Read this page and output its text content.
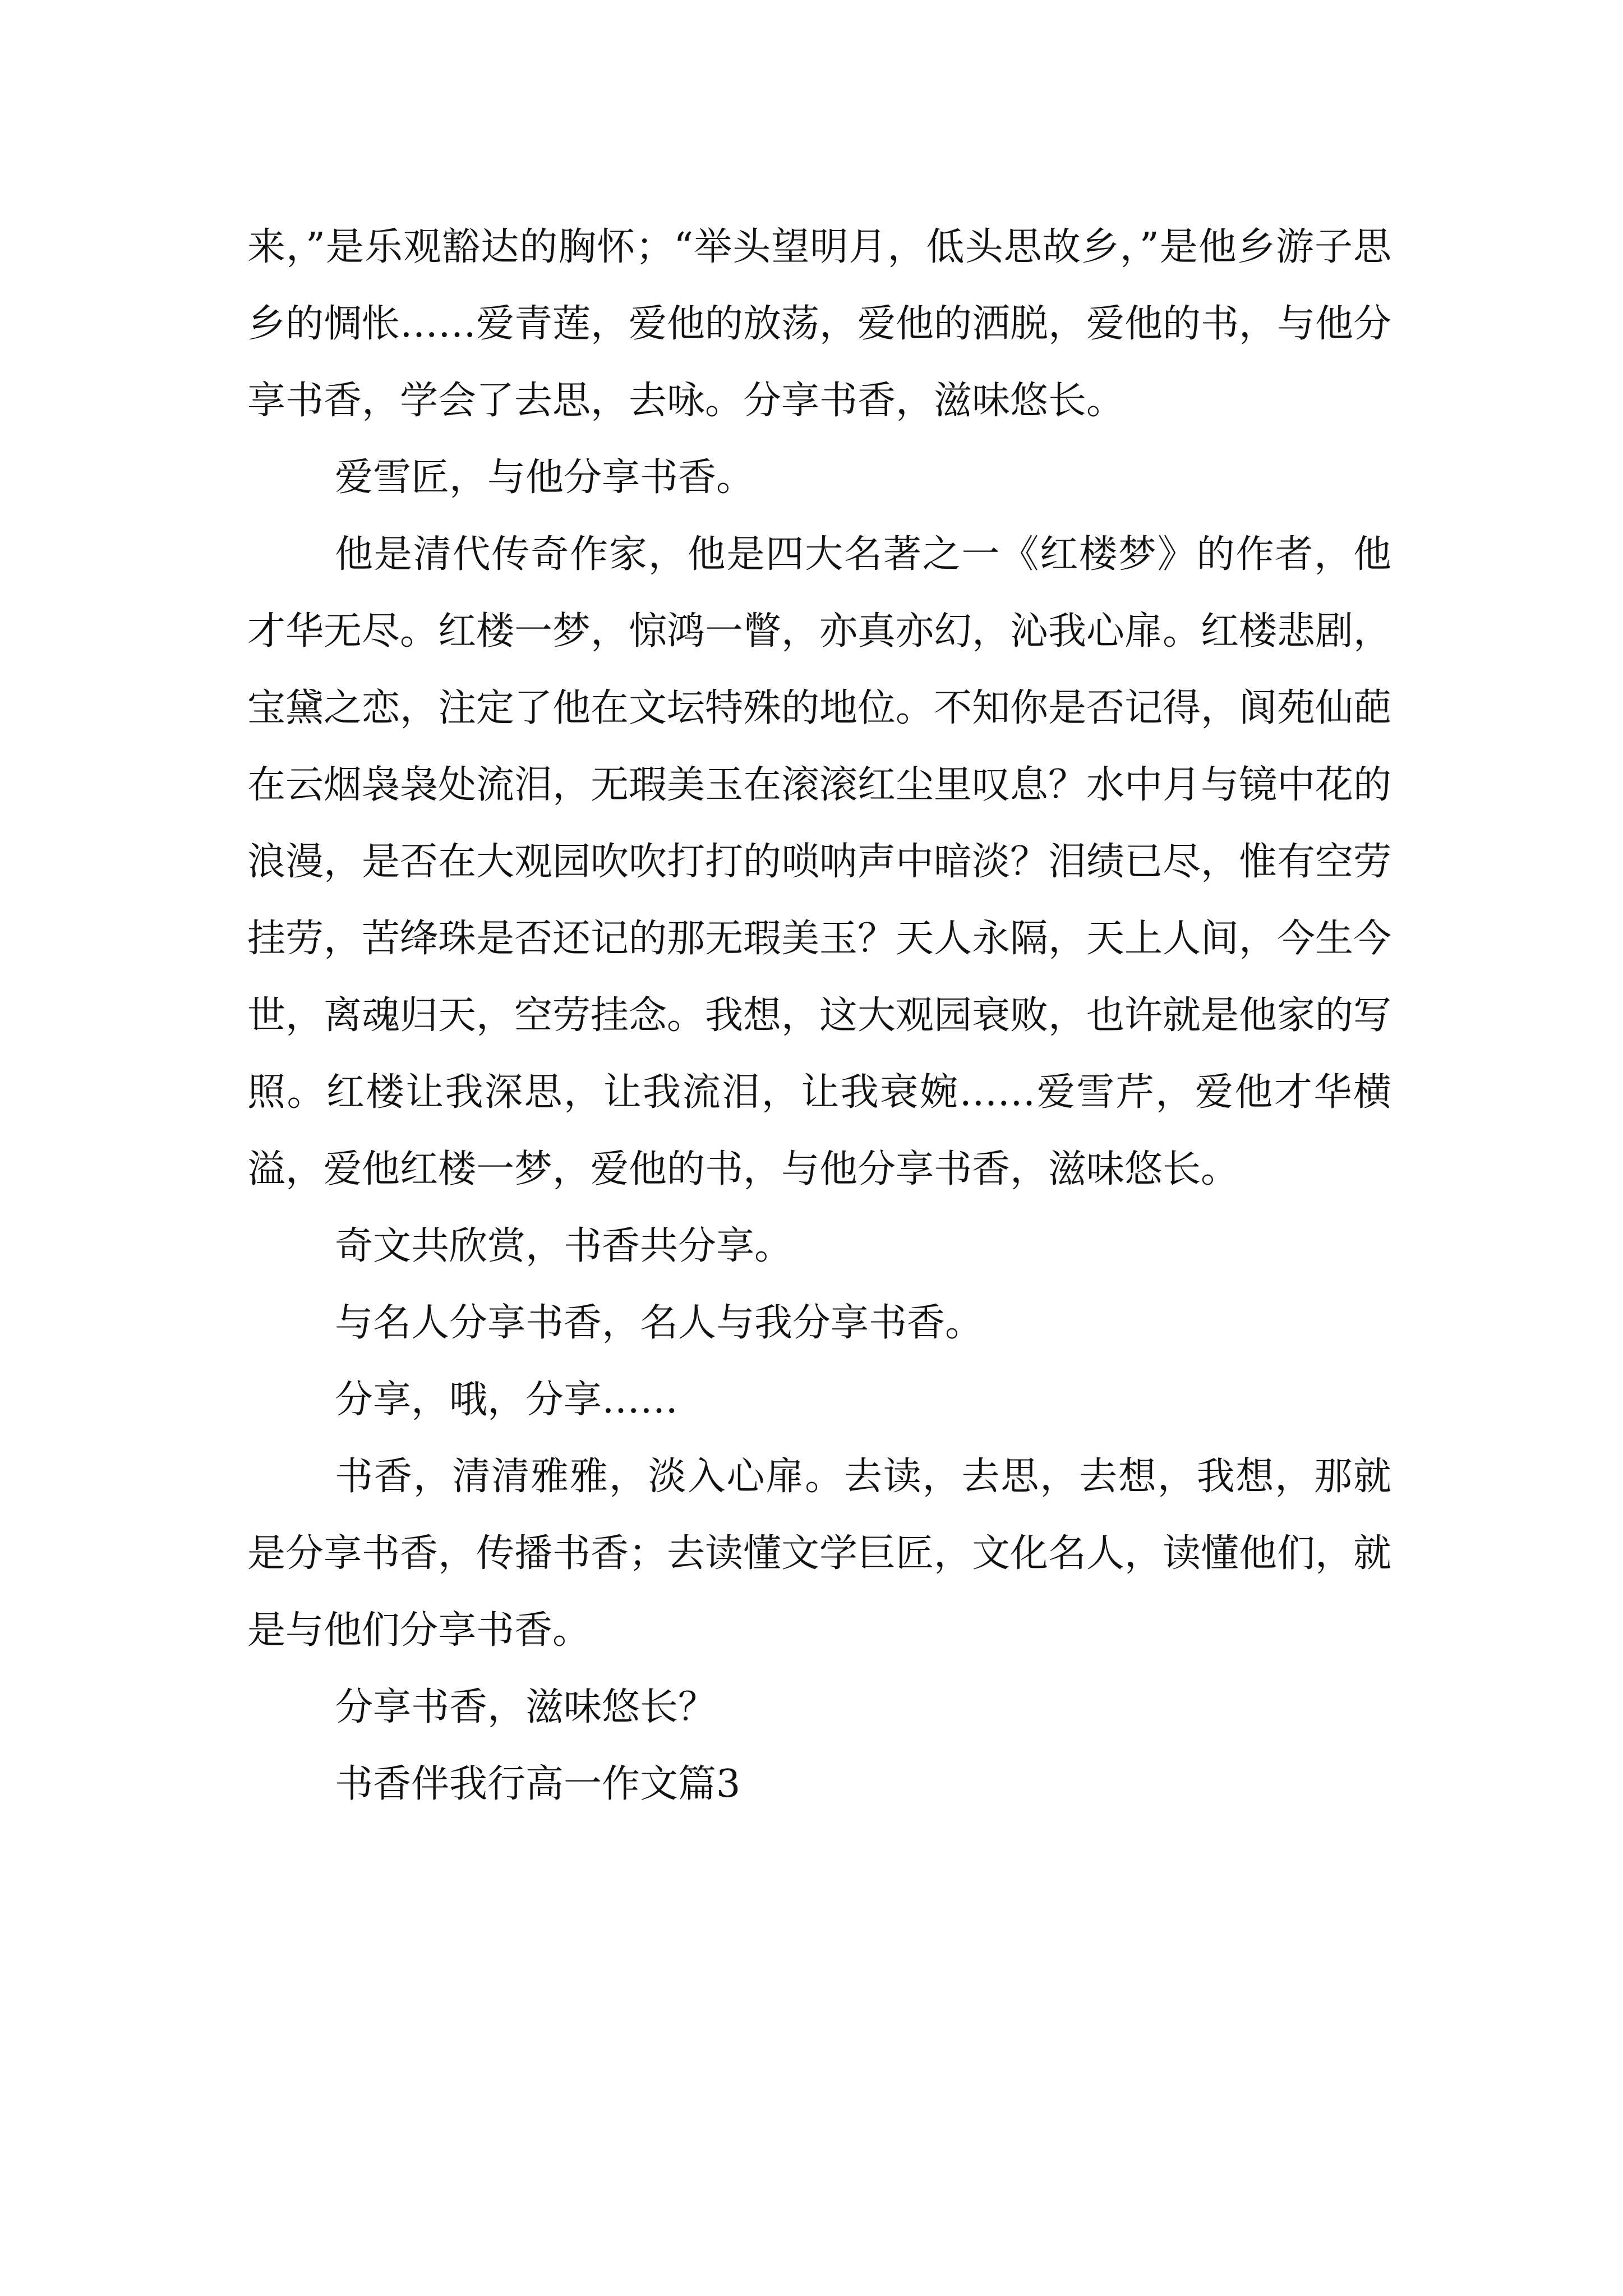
来，”是乐观豁达的胸怀；“举头望明月，低头思故乡，”是他乡游子思乡的惆怅……爱青莲，爱他的放荡，爱他的洒脱，爱他的书，与他分享书香，学会了去思，去咏。分享书香，滋味悠长。

爱雪匠，与他分享书香。

他是清代传奇作家，他是四大名著之一《红楼梦》的作者，他才华无尽。红楼一梦，惊鸿一瞥，亦真亦幻，沁我心扉。红楼悲剧，宝黛之恋，注定了他在文坛特殊的地位。不知你是否记得，阆苑仙葩在云烟袅袅处流泪，无瑕美玉在滚滚红尘里叹息？水中月与镜中花的浪漫，是否在大观园吹吹打打的唢呐声中暗淡？泪绩已尽，惟有空劳挂劳，苦绛珠是否还记的那无瑕美玉？天人永隔，天上人间，今生今世，离魂归天，空劳挂念。我想，这大观园衰败，也许就是他家的写照。红楼让我深思，让我流泪，让我衰婉……爱雪芹，爱他才华横溢，爱他红楼一梦，爱他的书，与他分享书香，滋味悠长。

奇文共欣赏，书香共分享。

与名人分享书香，名人与我分享书香。

分享，哦，分享……

书香，清清雅雅，淡入心扉。去读，去思，去想，我想，那就是分享书香，传播书香；去读懂文学巨匠，文化名人，读懂他们，就是与他们分享书香。

分享书香，滋味悠长？

书香伴我行高一作文篇3
